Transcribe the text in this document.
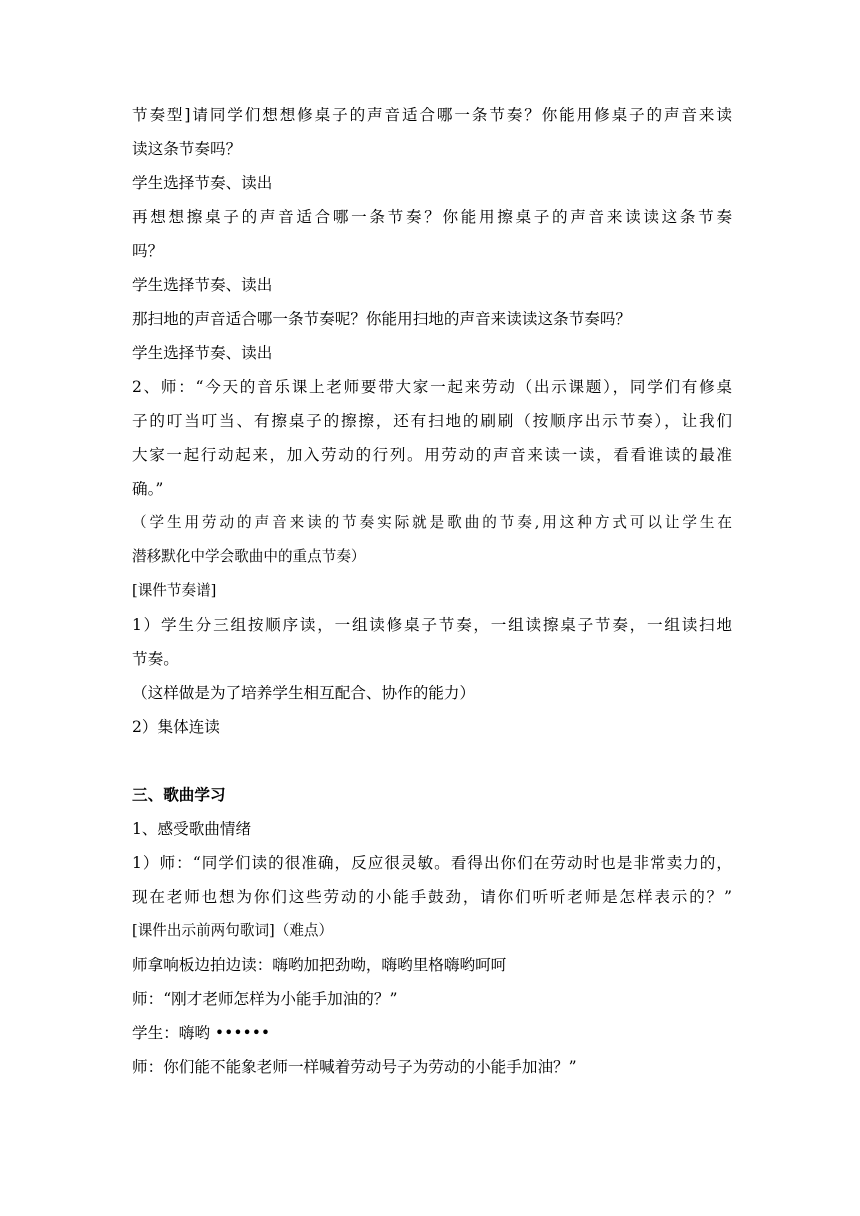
节奏型]请同学们想想修桌子的声音适合哪一条节奏？你能用修桌子的声音来读
读这条节奏吗？
学生选择节奏、读出
再想想擦桌子的声音适合哪一条节奏？你能用擦桌子的声音来读读这条节奏
吗？
学生选择节奏、读出
那扫地的声音适合哪一条节奏呢？你能用扫地的声音来读读这条节奏吗？
学生选择节奏、读出
2、师：“今天的音乐课上老师要带大家一起来劳动（出示课题），同学们有修桌
子的叮当叮当、有擦桌子的擦擦，还有扫地的刷刷（按顺序出示节奏），让我们
大家一起行动起来，加入劳动的行列。用劳动的声音来读一读，看看谁读的最准
确。”
（学生用劳动的声音来读的节奏实际就是歌曲的节奏,用这种方式可以让学生在
潜移默化中学会歌曲中的重点节奏）
[课件节奏谱]
1）学生分三组按顺序读，一组读修桌子节奏，一组读擦桌子节奏，一组读扫地
节奏。
（这样做是为了培养学生相互配合、协作的能力）
2）集体连读
三、歌曲学习
1、感受歌曲情绪
1）师：“同学们读的很准确，反应很灵敏。看得出你们在劳动时也是非常卖力的，
现在老师也想为你们这些劳动的小能手鼓劲，请你们听听老师是怎样表示的？”
[课件出示前两句歌词]（难点）
师拿响板边拍边读：嗨哟加把劲呦，嗨哟里格嗨哟呵呵
师：“刚才老师怎样为小能手加油的？”
学生：嗨哟 ••••••
师：你们能不能象老师一样喊着劳动号子为劳动的小能手加油？”
